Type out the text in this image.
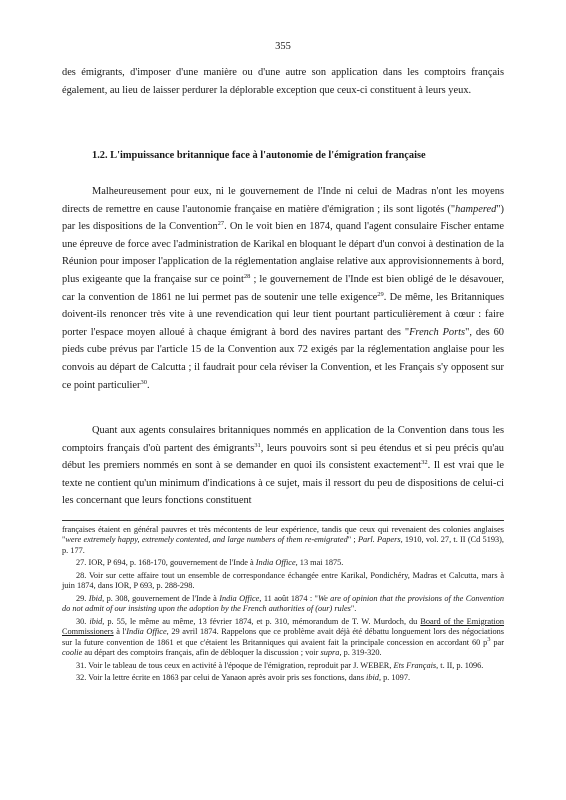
355

des émigrants, d'imposer d'une manière ou d'une autre son application dans les comptoirs français également, au lieu de laisser perdurer la déplorable exception que ceux-ci constituent à leurs yeux.

1.2. L'impuissance britannique face à l'autonomie de l'émigration française

Malheureusement pour eux, ni le gouvernement de l'Inde ni celui de Madras n'ont les moyens directs de remettre en cause l'autonomie française en matière d'émigration ; ils sont ligotés ("hampered") par les dispositions de la Convention$^{27}$. On le voit bien en 1874, quand l'agent consulaire Fischer entame une épreuve de force avec l'administration de Karikal en bloquant le départ d'un convoi à destination de la Réunion pour imposer l'application de la réglementation anglaise relative aux approvisionnements à bord, plus exigeante que la française sur ce point$^{28}$ ; le gouvernement de l'Inde est bien obligé de le désavouer, car la convention de 1861 ne lui permet pas de soutenir une telle exigence$^{29}$. De même, les Britanniques doivent-ils renoncer très vite à une revendication qui leur tient pourtant particulièrement à cœur : faire porter l'espace moyen alloué à chaque émigrant à bord des navires partant des "French Ports", des 60 pieds cube prévus par l'article 15 de la Convention aux 72 exigés par la réglementation anglaise pour les convois au départ de Calcutta ; il faudrait pour cela réviser la Convention, et les Français s'y opposent sur ce point particulier$^{30}$.

Quant aux agents consulaires britanniques nommés en application de la Convention dans tous les comptoirs français d'où partent des émigrants$^{31}$, leurs pouvoirs sont si peu étendus et si peu précis qu'au début les premiers nommés en sont à se demander en quoi ils consistent exactement$^{32}$. Il est vrai que le texte ne contient qu'un minimum d'indications à ce sujet, mais il ressort du peu de dispositions de celui-ci les concernant que leurs fonctions constituent

françaises étaient en général pauvres et très mécontents de leur expérience, tandis que ceux qui revenaient des colonies anglaises "were extremely happy, extremely contented, and large numbers of them re-emigrated" ; Parl. Papers, 1910, vol. 27, t. II (Cd 5193), p. 177.

27. IOR, P 694, p. 168-170, gouvernement de l'Inde à India Office, 13 mai 1875.

28. Voir sur cette affaire tout un ensemble de correspondance échangée entre Karikal, Pondichéry, Madras et Calcutta, mars à juin 1874, dans IOR, P 693, p. 288-298.

29. Ibid, p. 308, gouvernement de l'Inde à India Office, 11 août 1874 : "We are of opinion that the provisions of the Convention do not admit of our insisting upon the adoption by the French authorities of (our) rules".

30. ibid, p. 55, le même au même, 13 février 1874, et p. 310, mémorandum de T. W. Murdoch, du Board of the Emigration Commissioners à l'India Office, 29 avril 1874. Rappelons que ce problème avait déjà été débattu longuement lors des négociations sur la future convention de 1861 et que c'étaient les Britanniques qui avaient fait la principale concession en accordant 60 $p^3$ par coolie au départ des comptoirs français, afin de débloquer la discussion ; voir supra, p. 319-320.

31. Voir le tableau de tous ceux en activité à l'époque de l'émigration, reproduit par J. WEBER, Ets Français, t. II, p. 1096.

32. Voir la lettre écrite en 1863 par celui de Yanaon après avoir pris ses fonctions, dans ibid, p. 1097.
